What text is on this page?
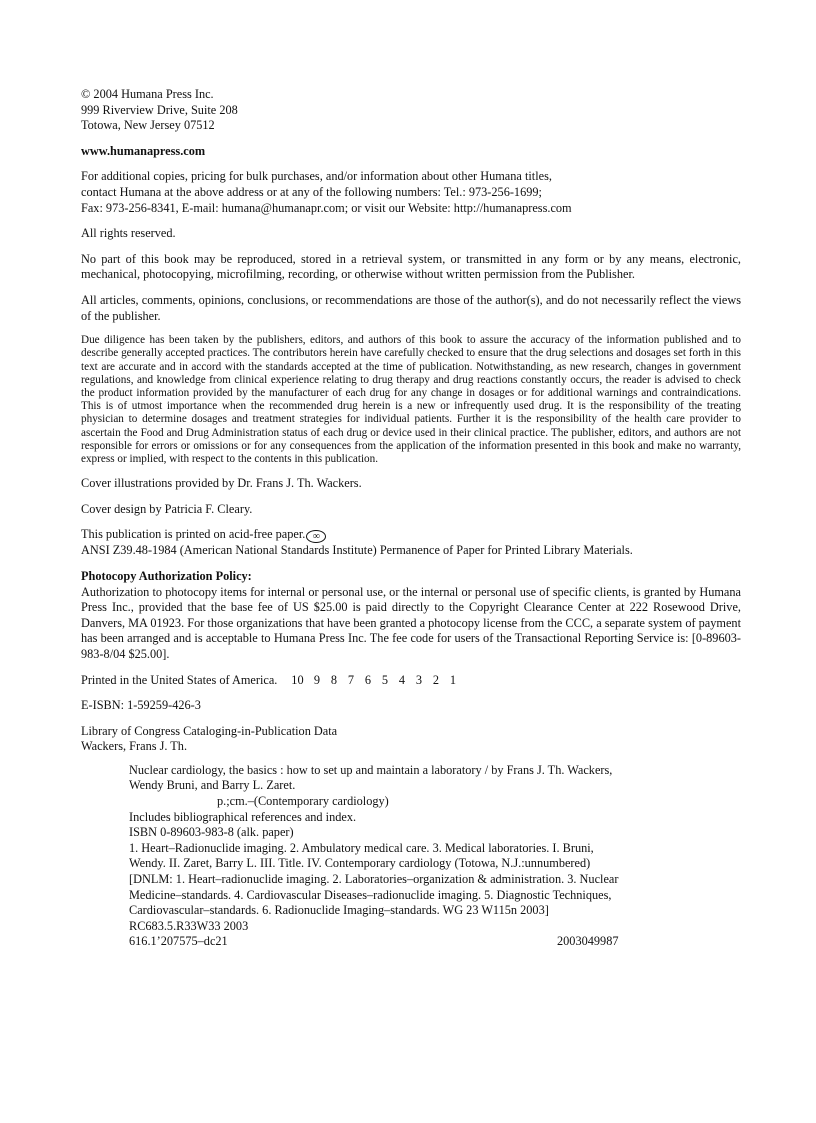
© 2004 Humana Press Inc.
999 Riverview Drive, Suite 208
Totowa, New Jersey 07512

www.humanapress.com

For additional copies, pricing for bulk purchases, and/or information about other Humana titles,
contact Humana at the above address or at any of the following numbers: Tel.: 973-256-1699;
Fax: 973-256-8341, E-mail: humana@humanapr.com; or visit our Website: http://humanapress.com

All rights reserved.

No part of this book may be reproduced, stored in a retrieval system, or transmitted in any form or by any means, electronic, mechanical, photocopying, microfilming, recording, or otherwise without written permission from the Publisher.

All articles, comments, opinions, conclusions, or recommendations are those of the author(s), and do not necessarily reflect the views of the publisher.

Due diligence has been taken by the publishers, editors, and authors of this book to assure the accuracy of the information published and to describe generally accepted practices. The contributors herein have carefully checked to ensure that the drug selections and dosages set forth in this text are accurate and in accord with the standards accepted at the time of publication. Notwithstanding, as new research, changes in government regulations, and knowledge from clinical experience relating to drug therapy and drug reactions constantly occurs, the reader is advised to check the product information provided by the manufacturer of each drug for any change in dosages or for additional warnings and contraindications. This is of utmost importance when the recommended drug herein is a new or infrequently used drug. It is the responsibility of the treating physician to determine dosages and treatment strategies for individual patients. Further it is the responsibility of the health care provider to ascertain the Food and Drug Administration status of each drug or device used in their clinical practice. The publisher, editors, and authors are not responsible for errors or omissions or for any consequences from the application of the information presented in this book and make no warranty, express or implied, with respect to the contents in this publication.

Cover illustrations provided by Dr. Frans J. Th. Wackers.

Cover design by Patricia F. Cleary.

This publication is printed on acid-free paper. ∞
ANSI Z39.48-1984 (American National Standards Institute) Permanence of Paper for Printed Library Materials.

Photocopy Authorization Policy:
Authorization to photocopy items for internal or personal use, or the internal or personal use of specific clients, is granted by Humana Press Inc., provided that the base fee of US $25.00 is paid directly to the Copyright Clearance Center at 222 Rosewood Drive, Danvers, MA 01923. For those organizations that have been granted a photocopy license from the CCC, a separate system of payment has been arranged and is acceptable to Humana Press Inc. The fee code for users of the Transactional Reporting Service is: [0-89603-983-8/04 $25.00].

Printed in the United States of America. 10 9 8 7 6 5 4 3 2 1

E-ISBN: 1-59259-426-3

Library of Congress Cataloging-in-Publication Data
Wackers, Frans J. Th.

Nuclear cardiology, the basics : how to set up and maintain a laboratory / by Frans J. Th. Wackers,
Wendy Bruni, and Barry L. Zaret.
p.;cm.–(Contemporary cardiology)
Includes bibliographical references and index.
ISBN 0-89603-983-8 (alk. paper)
1. Heart–Radionuclide imaging. 2. Ambulatory medical care. 3. Medical laboratories. I. Bruni,
Wendy. II. Zaret, Barry L. III. Title. IV. Contemporary cardiology (Totowa, N.J.:unnumbered)
[DNLM: 1. Heart–radionuclide imaging. 2. Laboratories–organization & administration. 3. Nuclear
Medicine–standards. 4. Cardiovascular Diseases–radionuclide imaging. 5. Diagnostic Techniques,
Cardiovascular–standards. 6. Radionuclide Imaging–standards. WG 23 W115n 2003]
RC683.5.R33W33 2003
616.1’207575–dc21	2003049987
